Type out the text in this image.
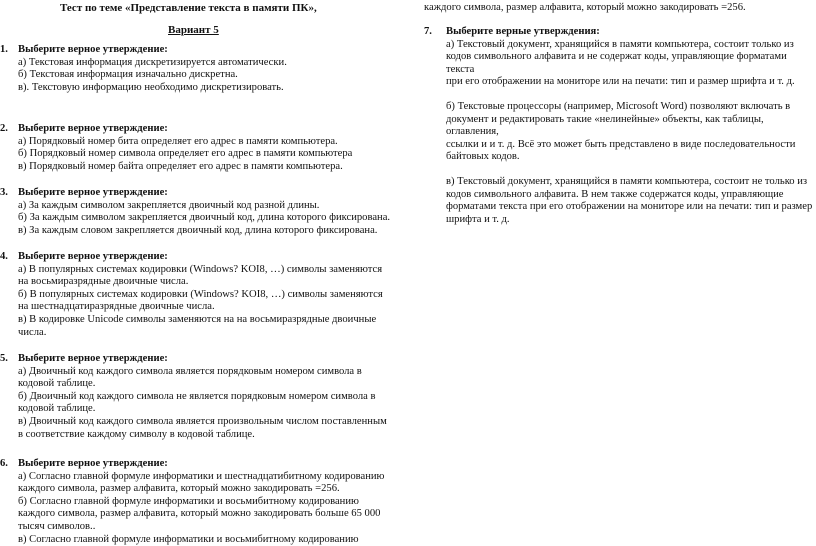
Тест по теме «Представление текста в памяти ПК»,
Вариант 5
1. Выберите верное утверждение:
а) Текстовая информация дискретизируется автоматически.
б) Текстовая информация изначально дискретна.
в). Текстовую информацию необходимо дискретизировать.
2. Выберите верное утверждение:
а) Порядковый номер бита определяет его адрес в памяти компьютера.
б) Порядковый номер символа определяет его адрес в памяти компьютера
в) Порядковый номер байта определяет его адрес в памяти компьютера.
3. Выберите верное утверждение:
а) За каждым символом закрепляется двоичный код разной длины.
б) За каждым символом закрепляется двоичный код, длина которого фиксирована.
в) За каждым словом закрепляется двоичный код, длина которого фиксирована.
4. Выберите верное утверждение:
а) В популярных системах кодировки (Windows? KOI8, …) символы заменяются
на восьмиразрядные двоичные числа.
б) В популярных системах кодировки (Windows? KOI8, …) символы заменяются
на шестнадцатиразрядные двоичные числа.
в) В кодировке Unicode символы заменяются на на восьмиразрядные двоичные
числа.
5. Выберите верное утверждение:
а) Двоичный код каждого символа является порядковым номером символа в
кодовой таблице.
б) Двоичный код каждого символа не является порядковым номером символа в
кодовой таблице.
в) Двоичный код каждого символа является произвольным числом поставленным
в соответствие каждому символу в кодовой таблице.
6. Выберите верное утверждение:
а) Согласно главной формуле информатики и шестнадцатибитному кодированию
каждого символа, размер алфавита, который можно закодировать =256.
б) Согласно главной формуле информатики и восьмибитному кодированию
каждого символа, размер алфавита, который можно закодировать больше 65 000
тысяч символов..
в) Согласно главной формуле информатики и восьмибитному кодированию
каждого символа, размер алфавита, который можно закодировать =256.
7.	Выберите верные утверждения:
а) Текстовый документ, хранящийся в памяти компьютера, состоит только из
кодов символьного алфавита и не содержат коды, управляющие форматами текста
при его отображении на мониторе или на печати: тип и размер шрифта и т. д.
б) Текстовые процессоры (например, Microsoft Word) позволяют включать в
документ и редактировать такие «нелинейные» объекты, как таблицы, оглавления,
ссылки и и т. д. Всё это может быть представлено в виде последовательности
байтовых кодов.
в) Текстовый документ, хранящийся в памяти компьютера, состоит не только из
кодов символьного алфавита. В нем также содержатся коды, управляющие
форматами текста при его отображении на мониторе или на печати: тип и размер
шрифта и т. д.
